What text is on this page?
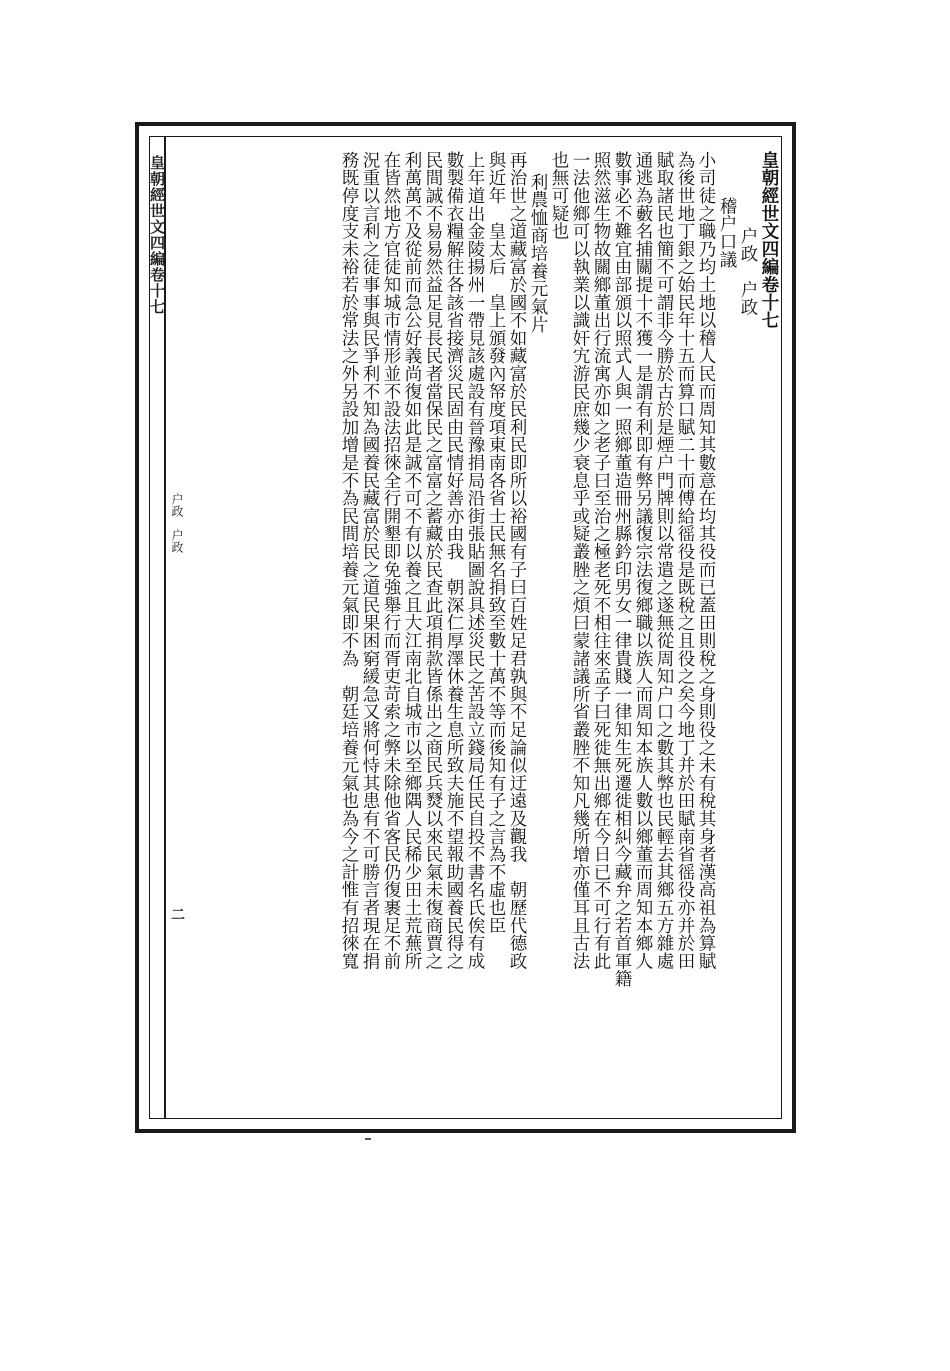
皇朝經世文四編卷十七
户政　户政
二
皇朝經世文四編卷十七
户政　户政
稽户口議
小司徒之職乃均土地以稽人民而周知其數意在均其役而已蓋田則稅之身則役之未有稅其身者漢高祖為算賦
為後世地丁銀之始民年十五而算口賦二十而傅給徭役是既稅之且役之矣今地丁并於田賦南省徭役亦并於田
賦取諸民也簡不可謂非今勝於古於是煙户門牌則以常遣之遂無從周知户口之數其弊也民輕去其鄉五方雜處
通逃為藪名捕關提十不獲一是謂有利即有弊另議復宗法復鄉職以族人而周知本族人數以鄉董而周知本鄉人
數事必不難宜由部頒以照式人與一照鄉董造冊州縣鈐印男女一律貴賤一律知生死遷徙相糾今藏弁之若首軍籍
照然滋生物故關鄉董出行流寓亦如之老子曰至治之極老死不相往來孟子曰死徙無出鄉在今日已不可行有此
一法他鄉可以執業以識奸宄游民庶幾少衰息乎或疑叢脞之煩曰蒙諸議所省叢脞不知凡幾所增亦僅耳且古法
也無可疑也
利農恤商培養元氣片
再治世之道藏富於國不如藏富於民利民即所以裕國有子曰百姓足君孰與不足論似迂遠及觀我　朝歷代德政
與近年　皇太后　皇上頒發內帑度項東南各省士民無名捐致至數十萬不等而後知有子之言為不虛也臣
上年道出金陵揚州一帶見該處設有晉豫捐局沿街張貼圖說具述災民之苦設立錢局任民自投不書名氏俟有成
數製備衣糧解往各該省接濟災民固由民情好善亦由我　朝深仁厚澤休養生息所致夫施不望報助國養民得之
民間誠不易易然益足見長民者當保民之富富之蓄藏於民查此項捐款皆係出之商民兵燹以來民氣未復商賈之
利萬萬不及從前而急公好義尚復如此是誠不可不有以養之且大江南北自城市以至鄉隅人民稀少田土荒蕪所
在皆然地方官徒知城市情形並不設法招徠全行開墾即免強舉行而胥吏苛索之弊未除他省客民仍復裹足不前
況重以言利之徒事事與民爭利不知為國養民藏富於民之道民果困窮緩急又將何恃其患有不可勝言者現在捐
務既停度支未裕若於常法之外另設加增是不為民間培養元氣即不為　朝廷培養元氣也為今之計惟有招徠寬
